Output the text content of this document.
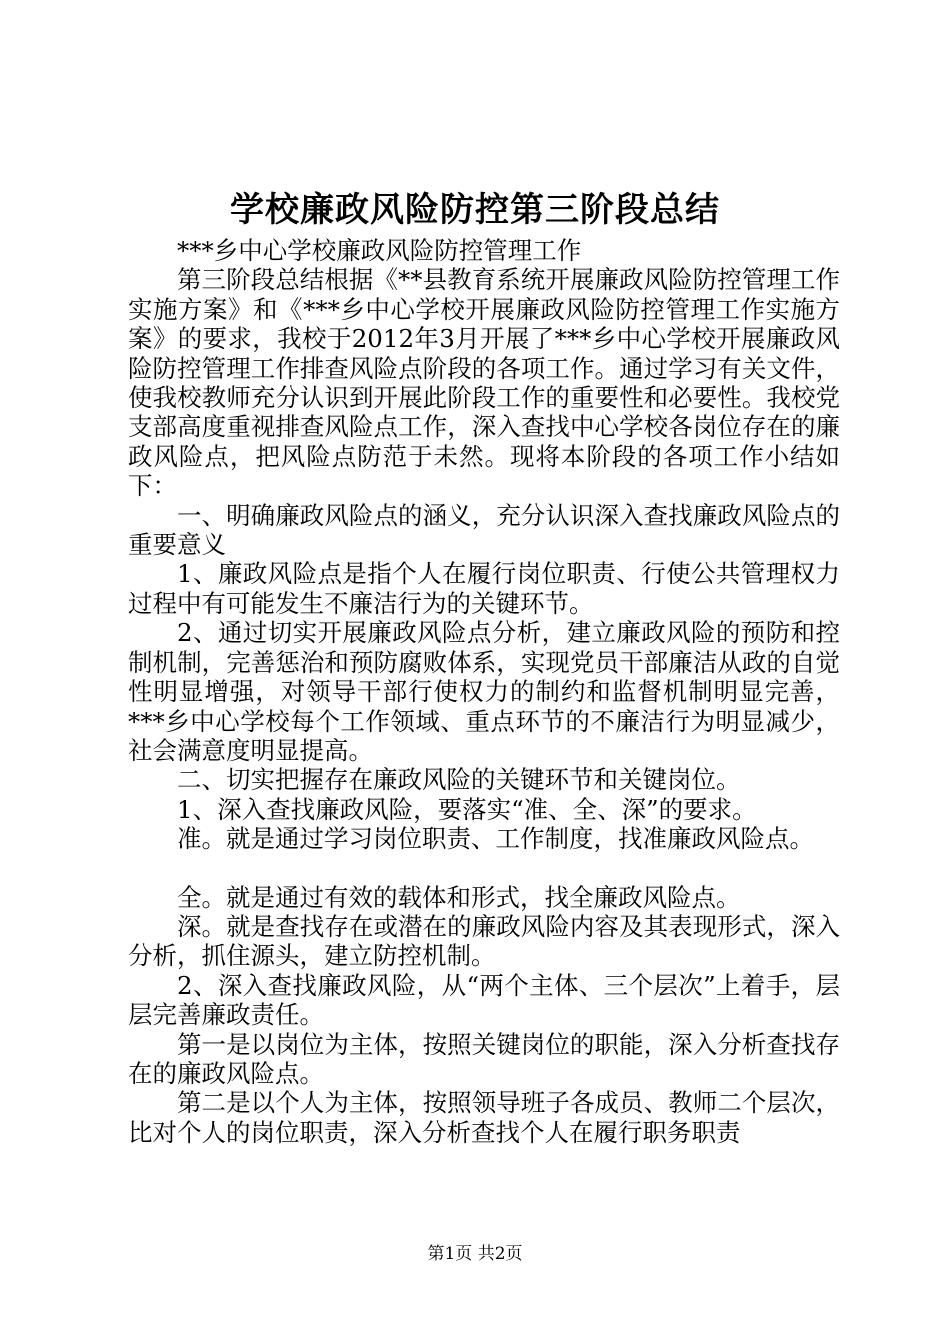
学校廉政风险防控第三阶段总结

***乡中心学校廉政风险防控管理工作

第三阶段总结根据《**县教育系统开展廉政风险防控管理工作实施方案》和《***乡中心学校开展廉政风险防控管理工作实施方案》的要求，我校于2012年3月开展了***乡中心学校开展廉政风险防控管理工作排查风险点阶段的各项工作。通过学习有关文件，使我校教师充分认识到开展此阶段工作的重要性和必要性。我校党支部高度重视排查风险点工作，深入查找中心学校各岗位存在的廉政风险点，把风险点防范于未然。现将本阶段的各项工作小结如下：

一、明确廉政风险点的涵义，充分认识深入查找廉政风险点的重要意义

1、廉政风险点是指个人在履行岗位职责、行使公共管理权力过程中有可能发生不廉洁行为的关键环节。

2、通过切实开展廉政风险点分析，建立廉政风险的预防和控制机制，完善惩治和预防腐败体系，实现党员干部廉洁从政的自觉性明显增强，对领导干部行使权力的制约和监督机制明显完善，***乡中心学校每个工作领域、重点环节的不廉洁行为明显减少，社会满意度明显提高。

二、切实把握存在廉政风险的关键环节和关键岗位。

1、深入查找廉政风险，要落实“准、全、深”的要求。

准。就是通过学习岗位职责、工作制度，找准廉政风险点。

全。就是通过有效的载体和形式，找全廉政风险点。

深。就是查找存在或潜在的廉政风险内容及其表现形式，深入分析，抓住源头，建立防控机制。

2、深入查找廉政风险，从“两个主体、三个层次”上着手，层层完善廉政责任。

第一是以岗位为主体，按照关键岗位的职能，深入分析查找存在的廉政风险点。

第二是以个人为主体，按照领导班子各成员、教师二个层次，比对个人的岗位职责，深入分析查找个人在履行职务职责

第1页 共2页
